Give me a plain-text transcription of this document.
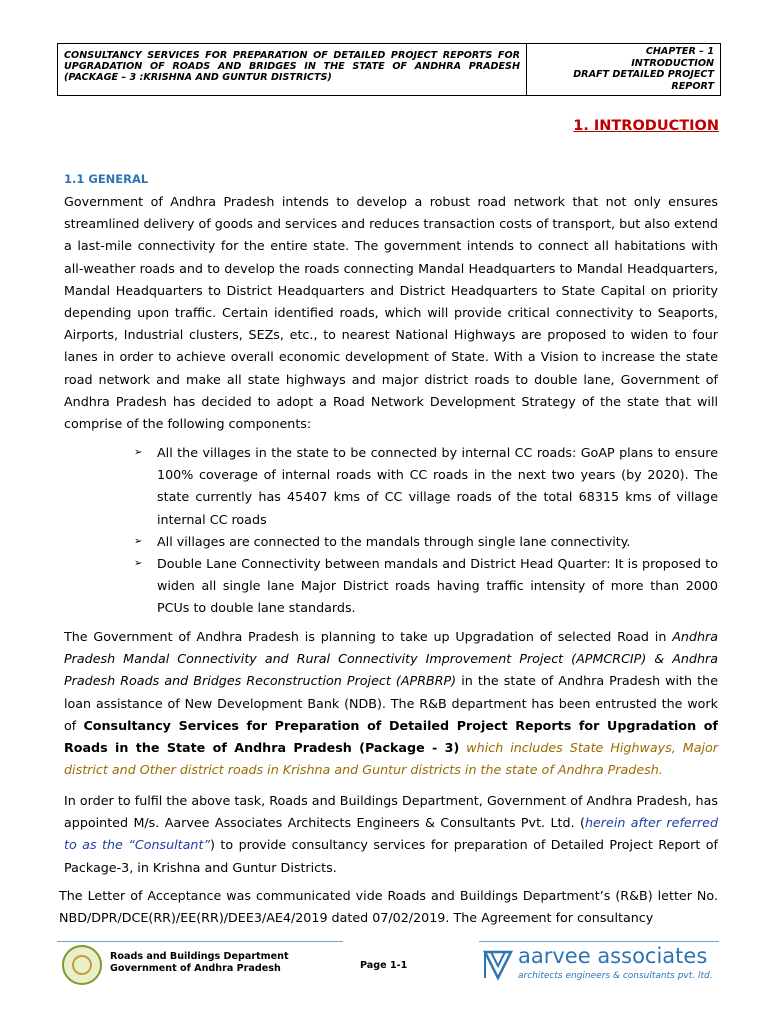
CONSULTANCY SERVICES FOR PREPARATION OF DETAILED PROJECT REPORTS FOR UPGRADATION OF ROADS AND BRIDGES IN THE STATE OF ANDHRA PRADESH (PACKAGE – 3 :KRISHNA AND GUNTUR DISTRICTS)
CHAPTER – 1
INTRODUCTION
DRAFT DETAILED PROJECT
REPORT
1. INTRODUCTION
1.1 GENERAL
Government of Andhra Pradesh intends to develop a robust road network that not only ensures streamlined delivery of goods and services and reduces transaction costs of transport, but also extend a last-mile connectivity for the entire state. The government intends to connect all habitations with all-weather roads and to develop the roads connecting Mandal Headquarters to Mandal Headquarters, Mandal Headquarters to District Headquarters and District Headquarters to State Capital on priority depending upon traffic. Certain identified roads, which will provide critical connectivity to Seaports, Airports, Industrial clusters, SEZs, etc., to nearest National Highways are proposed to widen to four lanes in order to achieve overall economic development of State. With a Vision to increase the state road network and make all state highways and major district roads to double lane, Government of Andhra Pradesh has decided to adopt a Road Network Development Strategy of the state that will comprise of the following components:
➢	All the villages in the state to be connected by internal CC roads: GoAP plans to ensure 100% coverage of internal roads with CC roads in the next two years (by 2020). The state currently has 45407 kms of CC village roads of the total 68315 kms of village internal CC roads
➢	All villages are connected to the mandals through single lane connectivity.
➢	Double Lane Connectivity between mandals and District Head Quarter: It is proposed to widen all single lane Major District roads having traffic intensity of more than 2000 PCUs to double lane standards.
The Government of Andhra Pradesh is planning to take up Upgradation of selected Road in Andhra Pradesh Mandal Connectivity and Rural Connectivity Improvement Project (APMCRCIP) & Andhra Pradesh Roads and Bridges Reconstruction Project (APRBRP) in the state of Andhra Pradesh with the loan assistance of New Development Bank (NDB). The R&B department has been entrusted the work of Consultancy Services for Preparation of Detailed Project Reports for Upgradation of Roads in the State of Andhra Pradesh (Package - 3) which includes State Highways, Major district and Other district roads in Krishna and Guntur districts in the state of Andhra Pradesh.
In order to fulfil the above task, Roads and Buildings Department, Government of Andhra Pradesh, has appointed M/s. Aarvee Associates Architects Engineers & Consultants Pvt. Ltd. (herein after referred to as the “Consultant”) to provide consultancy services for preparation of Detailed Project Report of Package-3, in Krishna and Guntur Districts.
The Letter of Acceptance was communicated vide Roads and Buildings Department’s (R&B) letter No. NBD/DPR/DCE(RR)/EE(RR)/DEE3/AE4/2019 dated 07/02/2019. The Agreement for consultancy
Roads and Buildings Department
Government of Andhra Pradesh	Page 1-1	aarvee associates
architects engineers & consultants pvt. ltd.
